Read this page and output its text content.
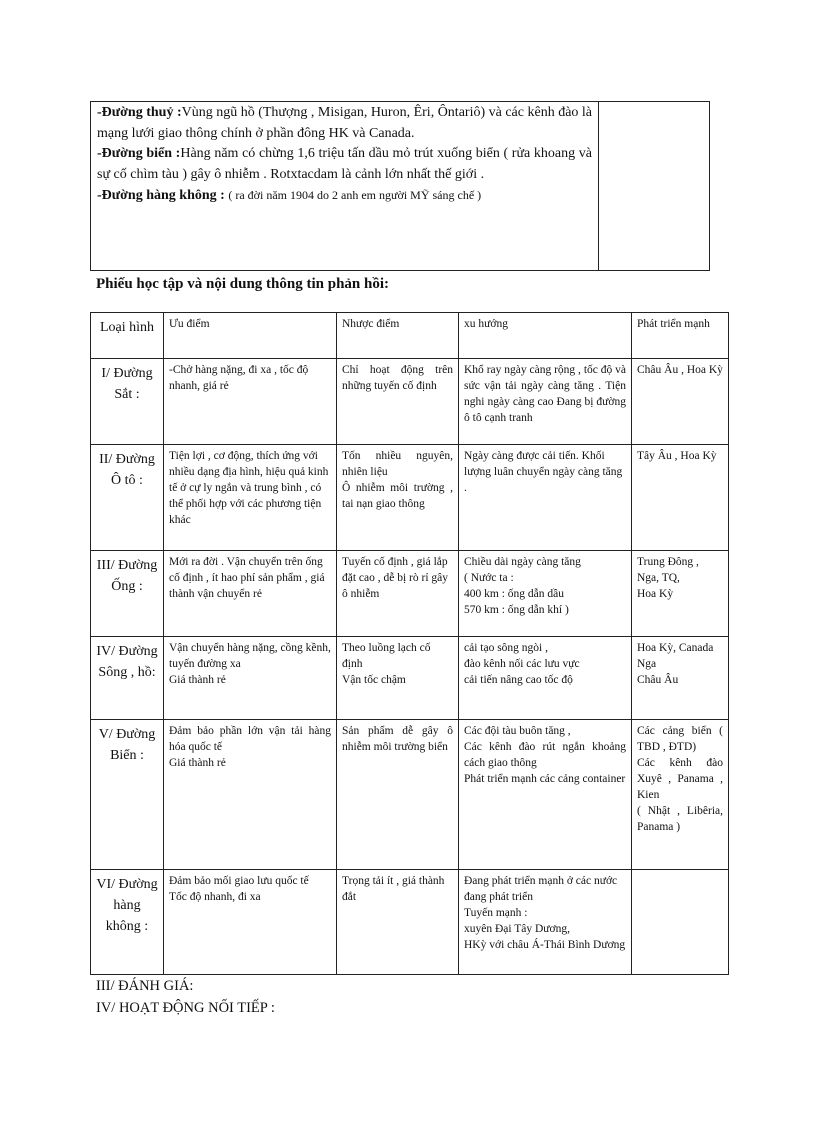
-Đường thuỷ :Vùng ngũ hồ (Thượng , Misigan, Huron, Êri, Ôntariô) và các kênh đào là mạng lưới giao thông chính ở phần đông HK và Canada.

-Đường biển :Hàng năm có chừng 1,6 triệu tấn dầu mỏ trút xuống biển ( rửa khoang và sự cố chìm tàu ) gây ô nhiễm . Rotxtacdam là cảnh lớn nhất thế giới .

-Đường hàng không : ( ra đời năm 1904 do 2 anh em người MỸ sáng chế )

Phiếu học tập và nội dung thông tin phản hồi:
Loại hình	Ưu điểm	Nhược điểm	xu hướng	Phát triển mạnh
I/ Đường Sắt :	-Chở hàng nặng, đi xa , tốc độ nhanh, giá rẻ	Chỉ hoạt động trên những tuyến cố định	Khổ ray ngày càng rộng , tốc độ và sức vận tải ngày càng tăng . Tiện nghi ngày càng cao Đang bị đường ô tô cạnh tranh	Châu Âu , Hoa Kỳ
II/ Đường Ô tô :	Tiện lợi , cơ động, thích ứng với nhiều dạng địa hình, hiệu quả kinh tế ở cự ly ngắn và trung bình , có thể phối hợp với các phương tiện khác	Tốn nhiều nguyên, nhiên liệu
Ô nhiễm môi trường , tai nạn giao thông	Ngày càng được cải tiến. Khối lượng luân chuyển ngày càng tăng .	Tây Âu , Hoa Kỳ
III/ Đường Ống :	Mới ra đời . Vận chuyển trên ống cố định , ít hao phí sản phẩm , giá thành vận chuyển rẻ	Tuyến cố định , giá lắp đặt cao , dễ bị rò rỉ gây ô nhiễm	Chiều dài ngày càng tăng
( Nước ta :
400 km : ống dẫn dầu
570 km : ống dẫn khí )	Trung Đông , Nga, TQ,
Hoa Kỳ
IV/ Đường Sông , hồ:	Vận chuyển hàng nặng, cồng kềnh, tuyến đường xa
Giá thành rẻ	Theo luồng lạch cố định
Vận tốc chậm	cải tạo sông ngòi ,
đào kênh nối các lưu vực
cải tiến nâng cao tốc độ	Hoa Kỳ, Canada
Nga
Châu Âu
V/ Đường Biển :	Đảm bảo phần lớn vận tải hàng hóa quốc tế
Giá thành rẻ	Sản phẩm dễ gây ô nhiễm môi trường biển	Các đội tàu buôn tăng ,
Các kênh đào rút ngắn khoảng cách giao thông
Phát triển mạnh các cảng container	Các cảng biển ( TBD , ĐTD)
Các kênh đào Xuyê , Panama , Kien
( Nhật , Libêria, Panama )
VI/ Đường hàng không :	Đảm bảo mối giao lưu quốc tế
Tốc độ nhanh, đi xa	Trọng tải ít , giá thành đắt	Đang phát triển mạnh ở các nước đang phát triển
Tuyến mạnh :
xuyên Đại Tây Dương,
HKỳ với châu Á-Thái Bình Dương	
III/ ĐÁNH GIÁ:
IV/ HOẠT ĐỘNG NỐI TIẾP :
